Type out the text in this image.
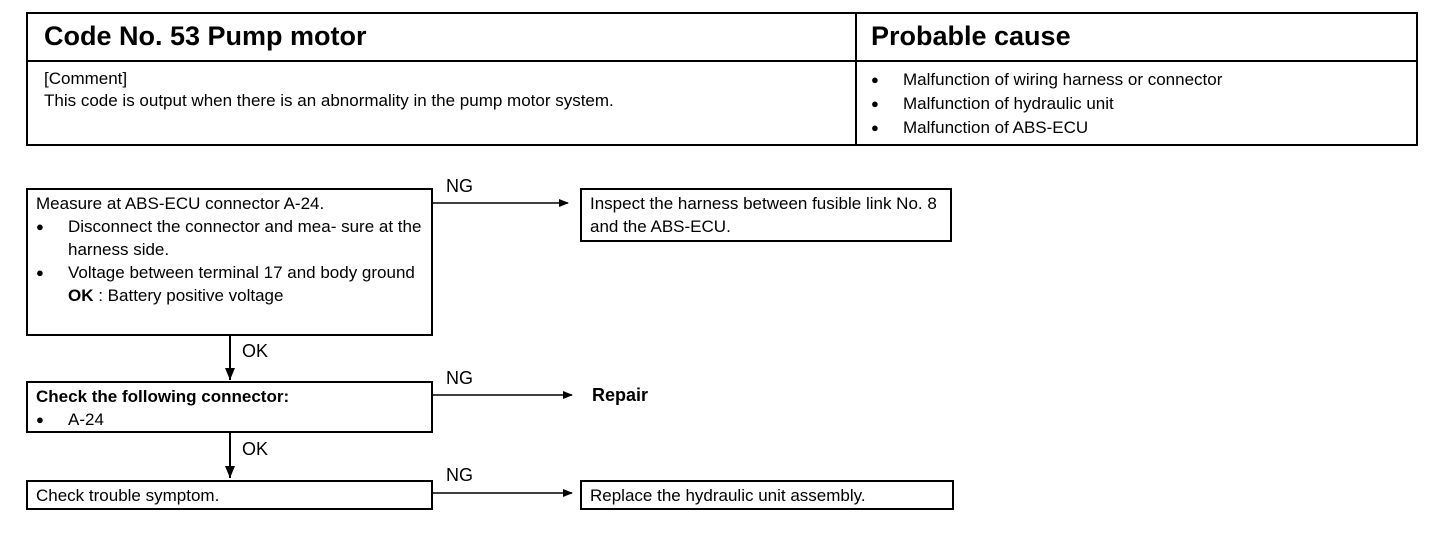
Code No. 53 Pump motor	Probable cause
[Comment]
This code is output when there is an abnormality in the pump motor system.
● Malfunction of wiring harness or connector
● Malfunction of hydraulic unit
● Malfunction of ABS-ECU
Measure at ABS-ECU connector A-24.
● Disconnect the connector and mea- sure at the harness side.
● Voltage between terminal 17 and body ground
OK : Battery positive voltage
NG
Inspect the harness between fusible link No. 8 and the ABS-ECU.
OK
Check the following connector:
● A-24
NG
Repair
OK
Check trouble symptom.
NG
Replace the hydraulic unit assembly.
